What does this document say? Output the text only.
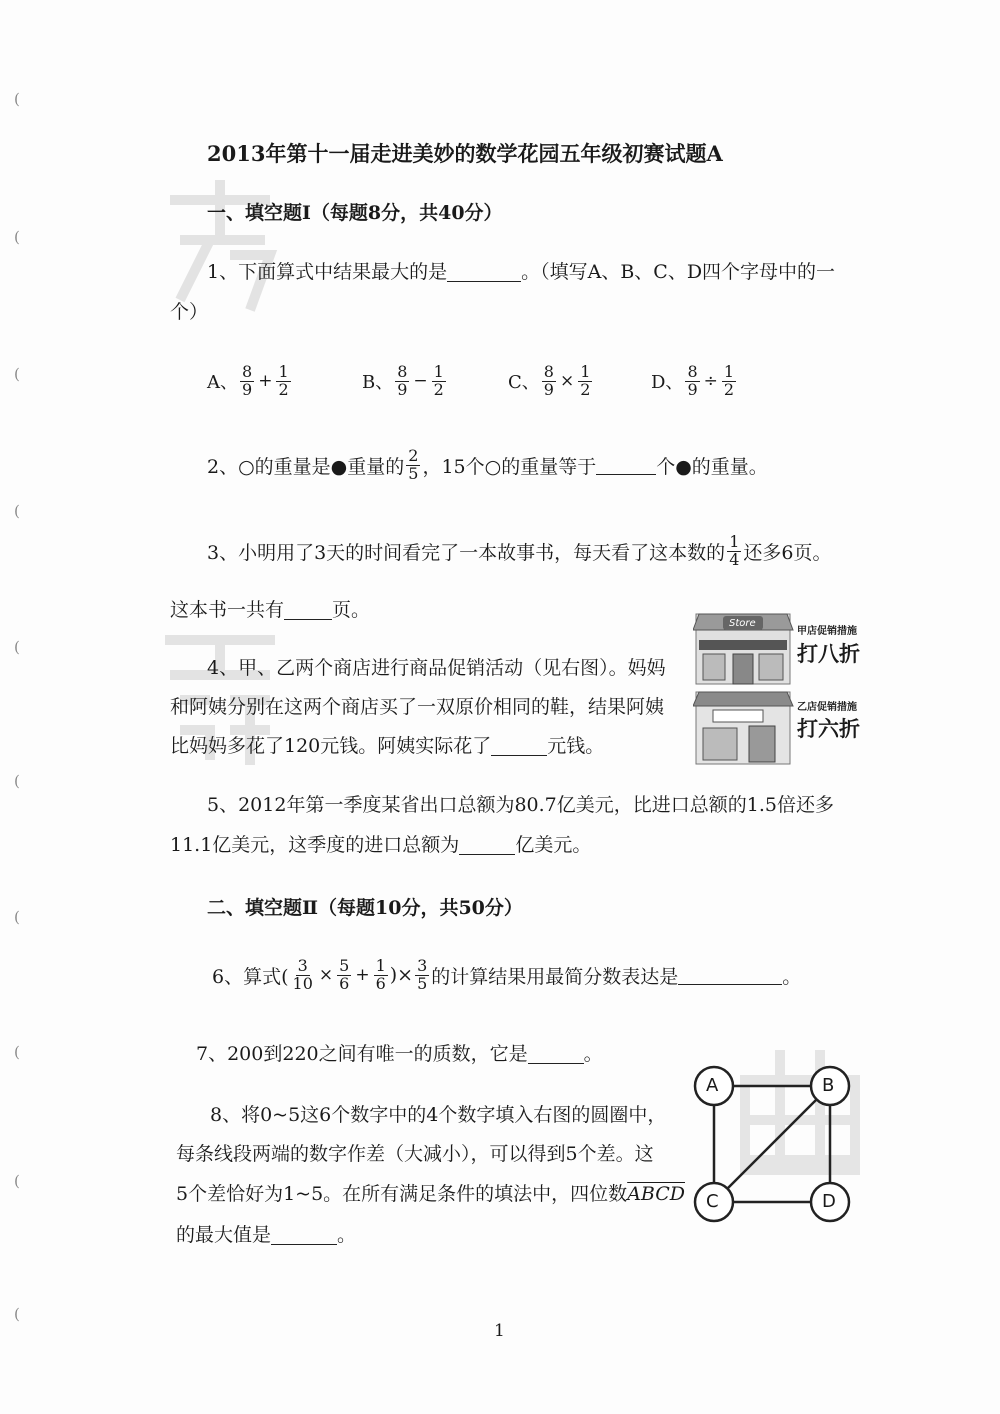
(
(
(
(
(
(
(
(
(
(
2013年第十一届走进美妙的数学花园五年级初赛试题A
一、填空题Ⅰ（每题8分，共40分）
1、下面算式中结果最大的是	。（填写A、B、C、D四个字母中的一
个）
A、 $\frac{8}{9} + \frac{1}{2}$	B、 $\frac{8}{9} - \frac{1}{2}$	C、 $\frac{8}{9} \times \frac{1}{2}$	D、 $\frac{8}{9} \div \frac{1}{2}$
2、○的重量是●重量的 $\frac{2}{5}$ ，15个○的重量等于	个●的重量。
3、小明用了3天的时间看完了一本故事书，每天看了这本数的 $\frac{1}{4}$ 还多6页。
这本书一共有	页。
Store
甲店促销措施
打八折
乙店促销措施
打六折
4、甲、乙两个商店进行商品促销活动（见右图）。妈妈
和阿姨分别在这两个商店买了一双原价相同的鞋，结果阿姨
比妈妈多花了120元钱。阿姨实际花了	元钱。
5、2012年第一季度某省出口总额为80.7亿美元，比进口总额的1.5倍还多
11.1亿美元，这季度的进口总额为	亿美元。
二、填空题Ⅱ（每题10分，共50分）
6、算式( $\frac{3}{10} \times \frac{5}{6} + \frac{1}{6}$ )× $\frac{3}{5}$ 的计算结果用最简分数表达是	。
7、200到220之间有唯一的质数，它是	。
A	B
C	D
8、将0~5这6个数字中的4个数字填入右图的圆圈中，
每条线段两端的数字作差（大减小），可以得到5个差。这
5个差恰好为1~5。在所有满足条件的填法中，四位数ABCD
的最大值是	。
1
